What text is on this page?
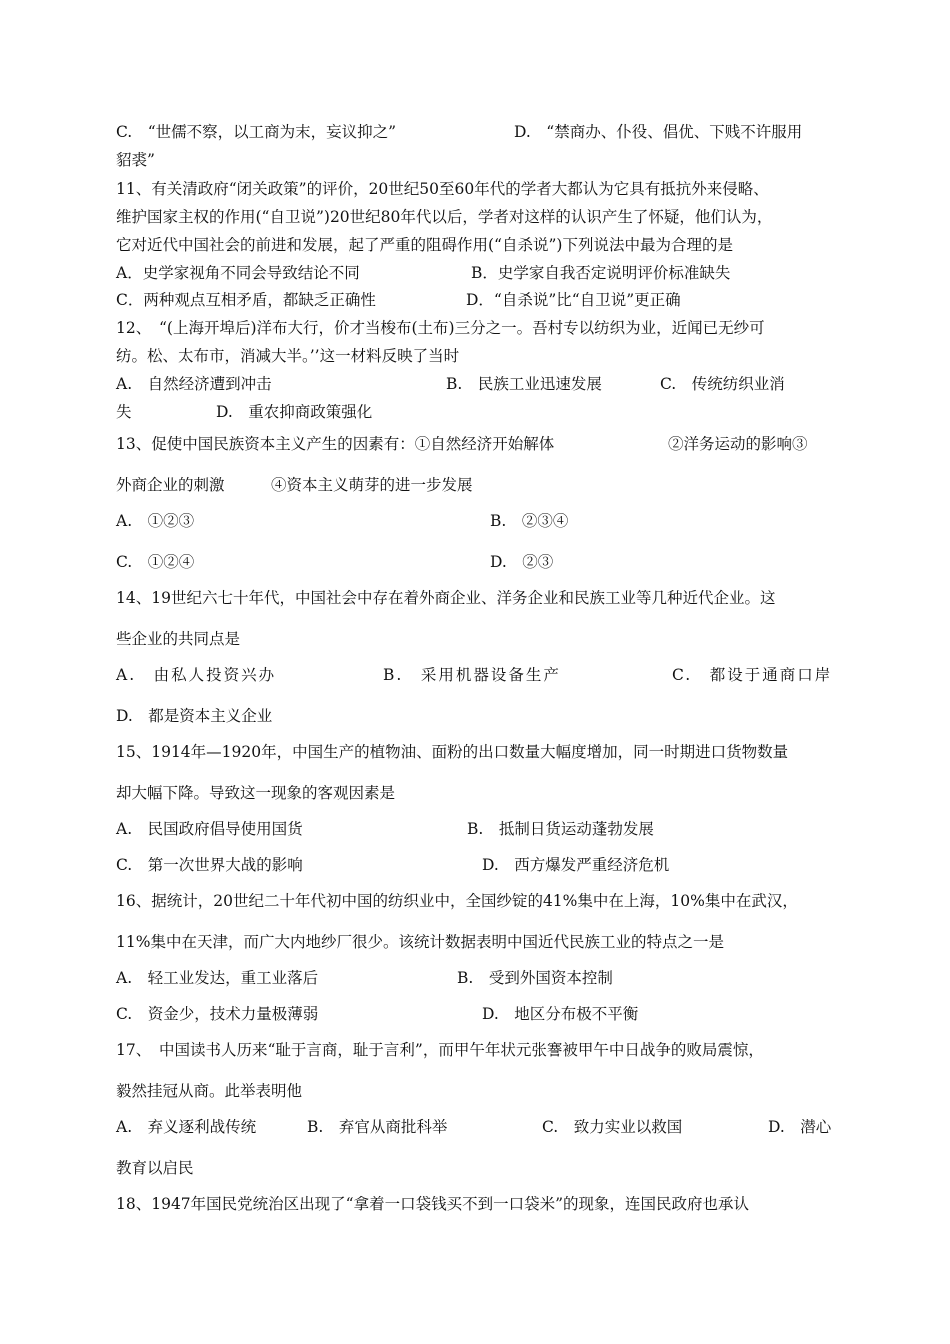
C.　“世儒不察，以工商为末，妄议抑之”	D.　“禁商办、仆役、倡优、下贱不许服用
貂裘”
11、有关清政府“闭关政策”的评价，20世纪50至60年代的学者大都认为它具有抵抗外来侵略、
维护国家主权的作用(“自卫说”)20世纪80年代以后，学者对这样的认识产生了怀疑，他们认为，
它对近代中国社会的前进和发展，起了严重的阻碍作用(“自杀说”)下列说法中最为合理的是
A．史学家视角不同会导致结论不同	B．史学家自我否定说明评价标准缺失
C．两种观点互相矛盾，都缺乏正确性	D．“自杀说”比“自卫说”更正确
12、　“(上海开埠后)洋布大行，价才当梭布(土布)三分之一。吾村专以纺织为业，近闻已无纱可
纺。松、太布市，消减大半。’’这一材料反映了当时
A.　自然经济遭到冲击	B.　民族工业迅速发展	C.　传统纺织业消
失	D.　重农抑商政策强化
13、促使中国民族资本主义产生的因素有：①自然经济开始解体	②洋务运动的影响③
外商企业的刺激　　　④资本主义萌芽的进一步发展
A.　①②③	B.　②③④
C.　①②④	D.　②③
14、19世纪六七十年代，中国社会中存在着外商企业、洋务企业和民族工业等几种近代企业。这
些企业的共同点是
A.　由私人投资兴办	B.　采用机器设备生产	C.　都设于通商口岸
D.　都是资本主义企业
15、1914年—1920年，中国生产的植物油、面粉的出口数量大幅度增加，同一时期进口货物数量
却大幅下降。导致这一现象的客观因素是
A.　民国政府倡导使用国货	B.　抵制日货运动蓬勃发展
C.　第一次世界大战的影响	D.　西方爆发严重经济危机
16、据统计，20世纪二十年代初中国的纺织业中，全国纱锭的41%集中在上海，10%集中在武汉，
11%集中在天津，而广大内地纱厂很少。该统计数据表明中国近代民族工业的特点之一是
A.　轻工业发达，重工业落后	B.　受到外国资本控制
C.　资金少，技术力量极薄弱	D.　地区分布极不平衡
17、　中国读书人历来“耻于言商，耻于言利”，而甲午年状元张謇被甲午中日战争的败局震惊，
毅然挂冠从商。此举表明他
A.　弃义逐利战传统	B.　弃官从商批科举	C.　致力实业以救国	D.　潜心
教育以启民
18、1947年国民党统治区出现了“拿着一口袋钱买不到一口袋米”的现象，连国民政府也承认
